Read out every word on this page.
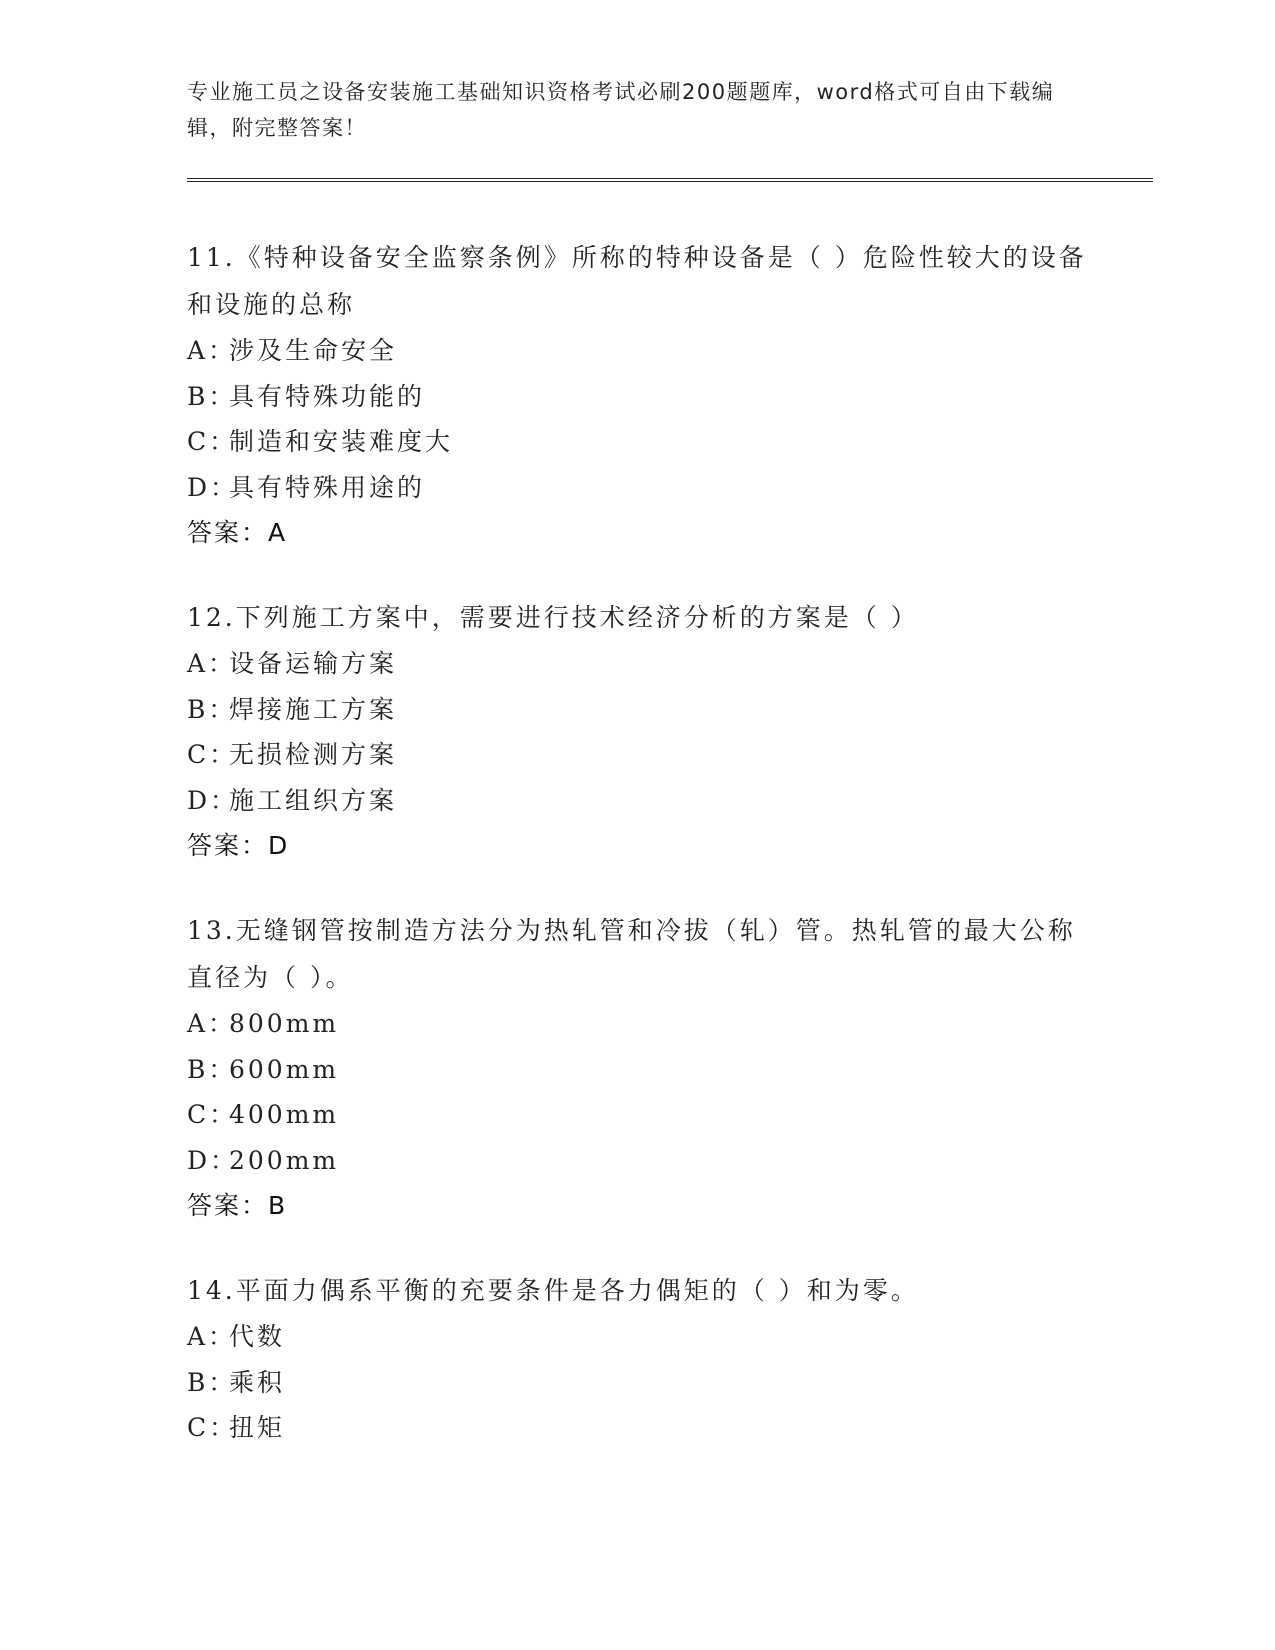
专业施工员之设备安装施工基础知识资格考试必刷200题题库，word格式可自由下载编辑，附完整答案！

11.《特种设备安全监察条例》所称的特种设备是（ ）危险性较大的设备和设施的总称

A：涉及生命安全
B：具有特殊功能的
C：制造和安装难度大
D：具有特殊用途的
答案：A

12.下列施工方案中，需要进行技术经济分析的方案是（ ）

A：设备运输方案
B：焊接施工方案
C：无损检测方案
D：施工组织方案
答案：D

13.无缝钢管按制造方法分为热轧管和冷拔（轧）管。热轧管的最大公称直径为（ ）。

A：800mm
B：600mm
C：400mm
D：200mm
答案：B

14.平面力偶系平衡的充要条件是各力偶矩的（ ）和为零。

A：代数
B：乘积
C：扭矩
